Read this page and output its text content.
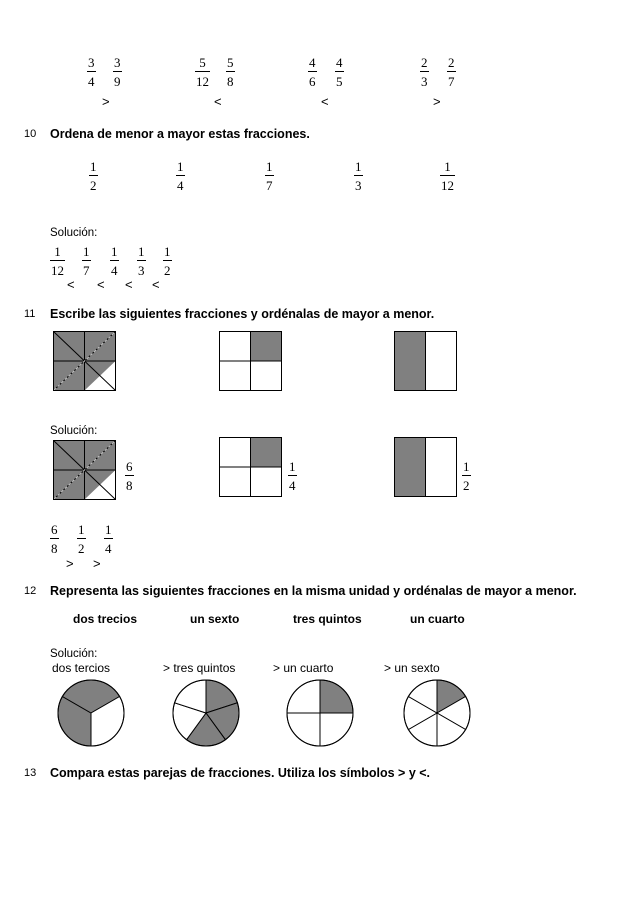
3
4
3
9
>
5
12
5
8
<
4
6
4
5
<
2
3
2
7
>
10 Ordena de menor a mayor estas fracciones.
1
2
1
4
1
7
1
3
1
12
Solución:
1
12
1
7
1
4
1
3
1
2
< < < <
11 Escribe las siguientes fracciones y ordénalas de mayor a menor.
Solución:
6
8
1
4
1
2
6
8
1
2
1
4
> >
12 Representa las siguientes fracciones en la misma unidad y ordénalas de mayor a menor.
dos trecios	un sexto	tres quintos	un cuarto
Solución:
dos tercios	> tres quintos	> un cuarto	> un sexto
13 Compara estas parejas de fracciones. Utiliza los símbolos > y <.
